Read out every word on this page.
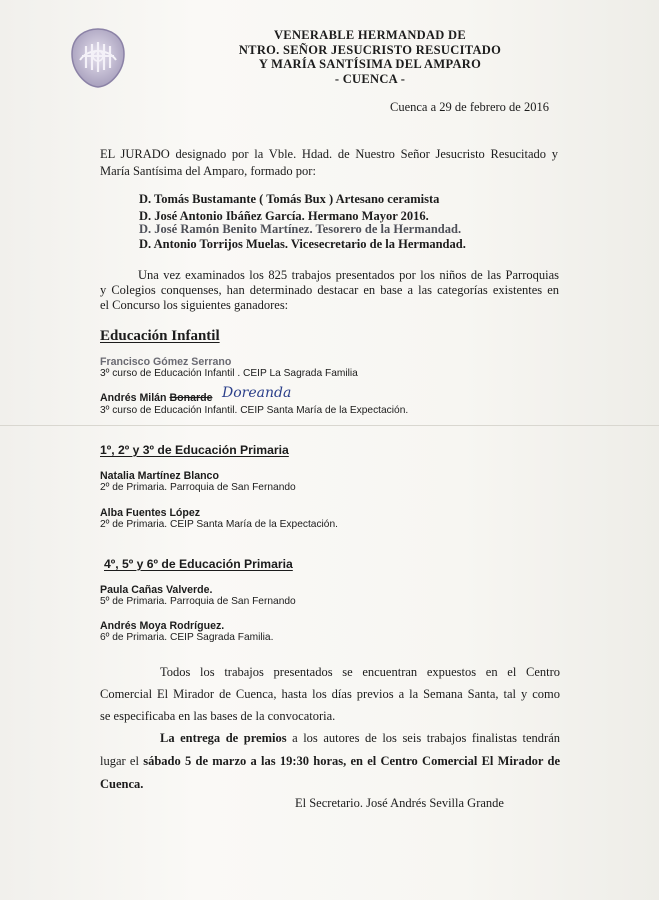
VENERABLE HERMANDAD DE
NTRO. SEÑOR JESUCRISTO RESUCITADO
Y MARÍA SANTÍSIMA DEL AMPARO
- CUENCA -
Cuenca a 29 de febrero de 2016
EL JURADO designado por la Vble. Hdad. de Nuestro Señor Jesucristo Resucitado y
María Santísima del Amparo, formado por:
D. Tomás Bustamante ( Tomás Bux ) Artesano ceramista
D. José Antonio Ibáñez García. Hermano Mayor 2016.
D. José Ramón Benito Martínez. Tesorero de la Hermandad.
D. Antonio Torrijos Muelas. Vicesecretario de la Hermandad.
Una vez examinados los 825 trabajos presentados por los niños de las Parroquias
y Colegios conquenses, han determinado destacar en base a las categorías existentes en
el Concurso los siguientes ganadores:
Educación Infantil
Francisco Gómez Serrano
3º curso de Educación Infantil . CEIP La Sagrada Familia
Andrés Milán Bonarde Doreanda
3º curso de Educación Infantil. CEIP Santa María de la Expectación.
1º, 2º y 3º de Educación Primaria
Natalia Martínez Blanco
2º de Primaria. Parroquia de San Fernando
Alba Fuentes López
2º de Primaria. CEIP Santa María de la Expectación.
4º, 5º y 6º de Educación Primaria
Paula Cañas Valverde.
5º de Primaria. Parroquia de San Fernando
Andrés Moya Rodríguez.
6º de Primaria. CEIP Sagrada Familia.
Todos los trabajos presentados se encuentran expuestos en el Centro
Comercial El Mirador de Cuenca, hasta los días previos a la Semana Santa, tal y como
se especificaba en las bases de la convocatoria.
La entrega de premios a los autores de los seis trabajos finalistas tendrán
lugar el sábado 5 de marzo a las 19:30 horas, en el Centro Comercial El Mirador de
Cuenca.
El Secretario. José Andrés Sevilla Grande
